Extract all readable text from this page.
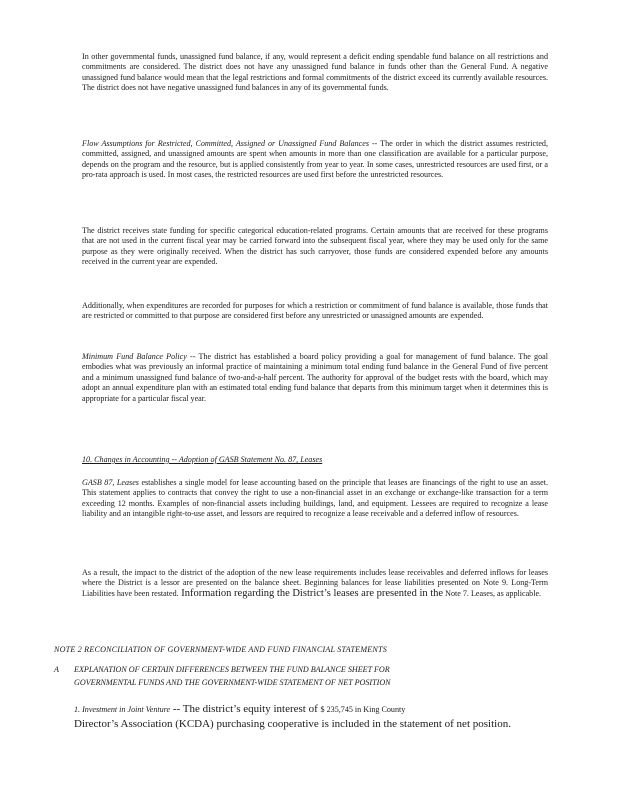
In other governmental funds, unassigned fund balance, if any, would represent a deficit ending spendable fund balance on all restrictions and commitments are considered. The district does not have any unassigned fund balance in funds other than the General Fund. A negative unassigned fund balance would mean that the legal restrictions and formal commitments of the district exceed its currently available resources. The district does not have negative unassigned fund balances in any of its governmental funds.

Flow Assumptions for Restricted, Committed, Assigned or Unassigned Fund Balances -- The order in which the district assumes restricted, committed, assigned, and unassigned amounts are spent when amounts in more than one classification are available for a particular purpose, depends on the program and the resource, but is applied consistently from year to year. In some cases, unrestricted resources are used first, or a pro-rata approach is used. In most cases, the restricted resources are used first before the unrestricted resources.

The district receives state funding for specific categorical education-related programs. Certain amounts that are received for these programs that are not used in the current fiscal year may be carried forward into the subsequent fiscal year, where they may be used only for the same purpose as they were originally received. When the district has such carryover, those funds are considered expended before any amounts received in the current year are expended.

Additionally, when expenditures are recorded for purposes for which a restriction or commitment of fund balance is available, those funds that are restricted or committed to that purpose are considered first before any unrestricted or unassigned amounts are expended.

Minimum Fund Balance Policy -- The district has established a board policy providing a goal for management of fund balance. The goal embodies what was previously an informal practice of maintaining a minimum total ending fund balance in the General Fund of five percent and a minimum unassigned fund balance of two-and-a-half percent. The authority for approval of the budget rests with the board, which may adopt an annual expenditure plan with an estimated total ending fund balance that departs from this minimum target when it determines this is appropriate for a particular fiscal year.

10. Changes in Accounting -- Adoption of GASB Statement No. 87, Leases

GASB 87, Leases establishes a single model for lease accounting based on the principle that leases are financings of the right to use an asset. This statement applies to contracts that convey the right to use a non-financial asset in an exchange or exchange-like transaction for a term exceeding 12 months. Examples of non-financial assets including buildings, land, and equipment. Lessees are required to recognize a lease liability and an intangible right-to-use asset, and lessors are required to recognize a lease receivable and a deferred inflow of resources.

As a result, the impact to the district of the adoption of the new lease requirements includes lease receivables and deferred inflows for leases where the District is a lessor are presented on the balance sheet. Beginning balances for lease liabilities presented on Note 9. Long-Term Liabilities have been restated. Information regarding the District’s leases are presented in the Note 7. Leases, as applicable.

NOTE 2 RECONCILIATION OF GOVERNMENT-WIDE AND FUND FINANCIAL STATEMENTS

A EXPLANATION OF CERTAIN DIFFERENCES BETWEEN THE FUND BALANCE SHEET FOR
GOVERNMENTAL FUNDS AND THE GOVERNMENT-WIDE STATEMENT OF NET POSITION
1. Investment in Joint Venture -- The district’s equity interest of $ 235,745 in King County
Director’s Association (KCDA) purchasing cooperative is included in the statement of net position.
